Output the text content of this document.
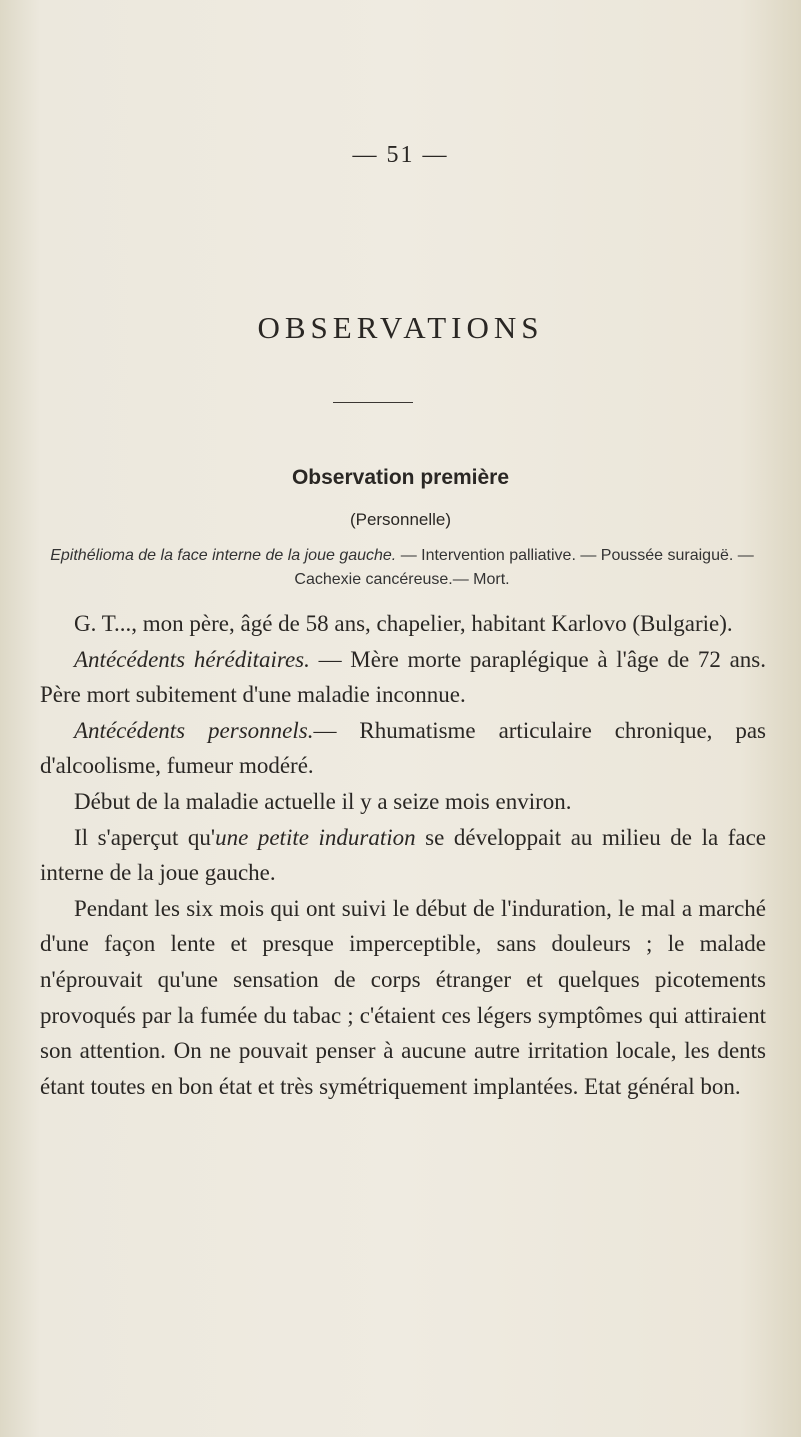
— 51 —
OBSERVATIONS
Observation première
(Personnelle)
Epithélioma de la face interne de la joue gauche. — Intervention palliative. — Poussée suraiguë. — Cachexie cancéreuse.— Mort.

G. T..., mon père, âgé de 58 ans, chapelier, habitant Karlovo (Bulgarie).

Antécédents héréditaires. — Mère morte paraplégique à l'âge de 72 ans. Père mort subitement d'une maladie inconnue.

Antécédents personnels.— Rhumatisme articulaire chronique, pas d'alcoolisme, fumeur modéré.

Début de la maladie actuelle il y a seize mois environ.

Il s'aperçut qu'une petite induration se développait au milieu de la face interne de la joue gauche.

Pendant les six mois qui ont suivi le début de l'induration, le mal a marché d'une façon lente et presque imperceptible, sans douleurs ; le malade n'éprouvait qu'une sensation de corps étranger et quelques picotements provoqués par la fumée du tabac ; c'étaient ces légers symptômes qui attiraient son attention. On ne pouvait penser à aucune autre irritation locale, les dents étant toutes en bon état et très symétriquement implantées. Etat général bon.
